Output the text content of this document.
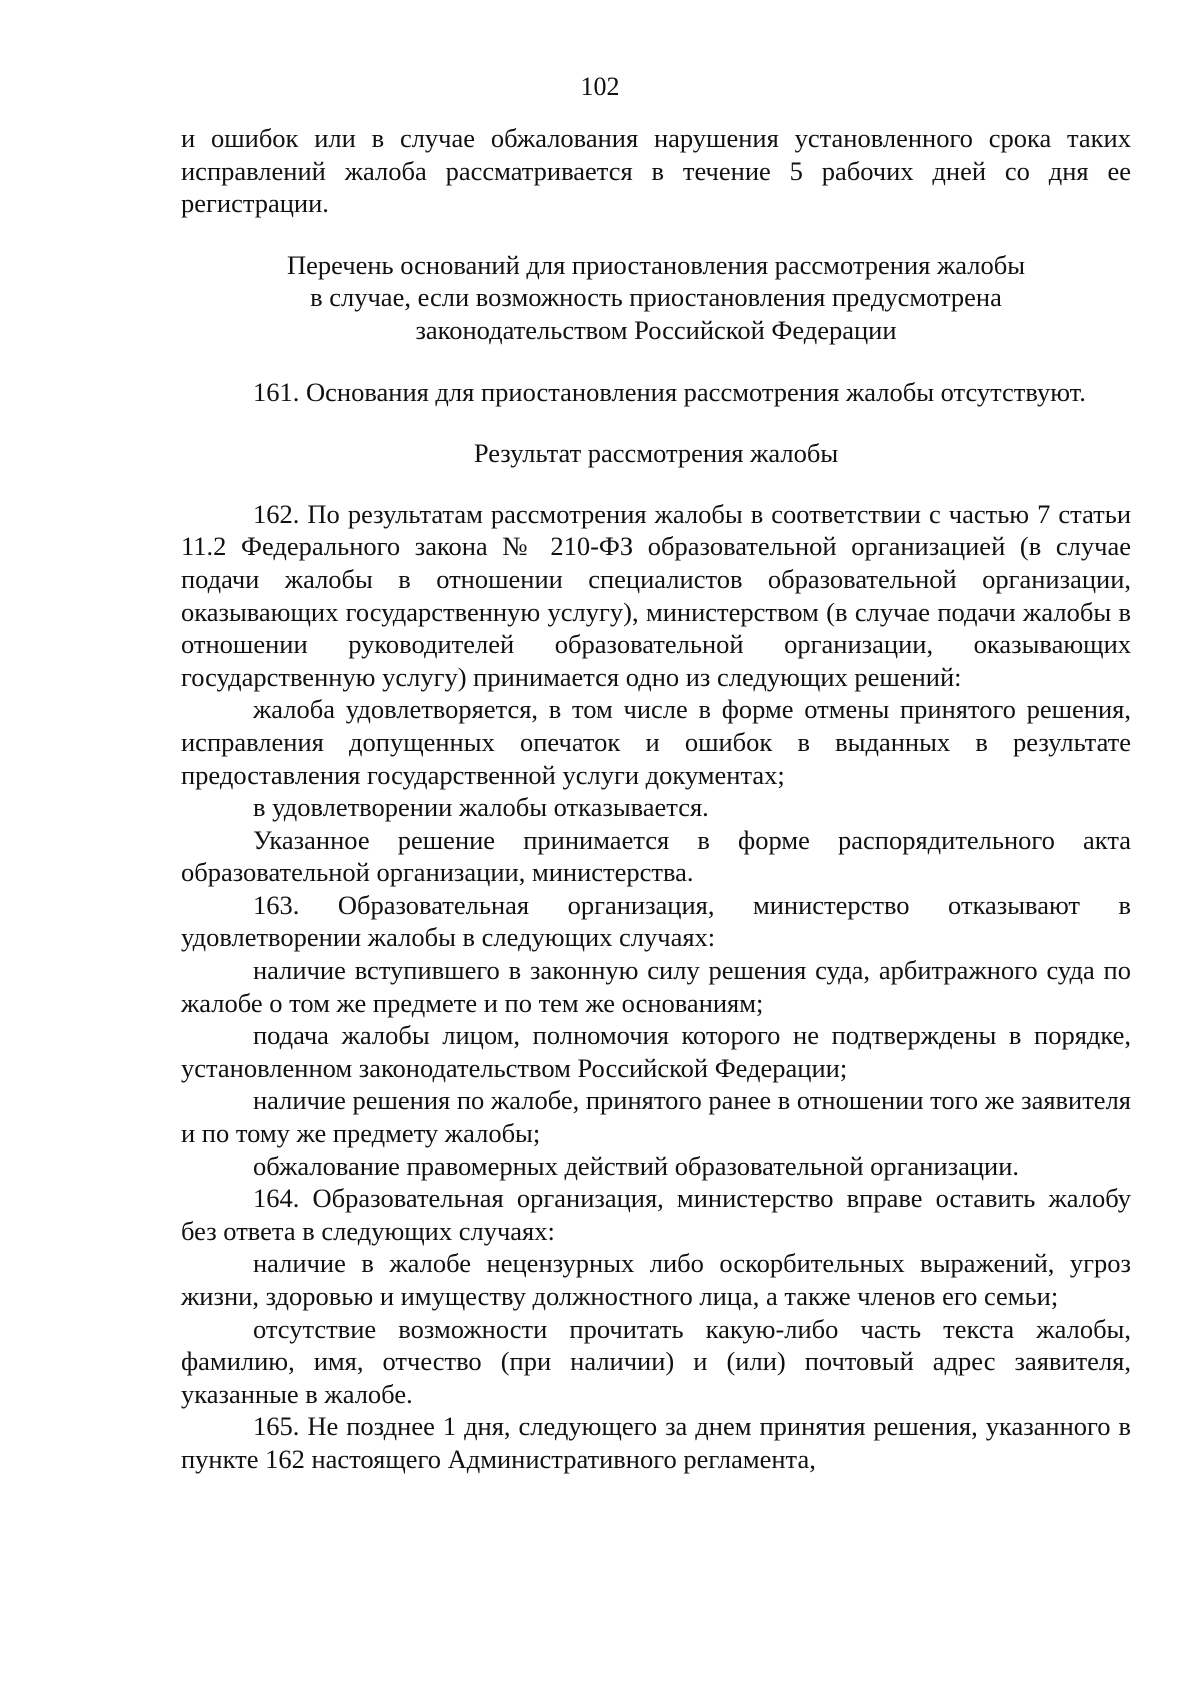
102

и ошибок или в случае обжалования нарушения установленного срока таких исправлений жалоба рассматривается в течение 5 рабочих дней со дня ее регистрации.

Перечень оснований для приостановления рассмотрения жалобы

в случае, если возможность приостановления предусмотрена

законодательством Российской Федерации

161. Основания для приостановления рассмотрения жалобы отсутствуют.

Результат рассмотрения жалобы

162. По результатам рассмотрения жалобы в соответствии с частью 7 статьи 11.2 Федерального закона № 210-ФЗ образовательной организацией (в случае подачи жалобы в отношении специалистов образовательной организации, оказывающих государственную услугу), министерством (в случае подачи жалобы в отношении руководителей образовательной организации, оказывающих государственную услугу) принимается одно из следующих решений:

жалоба удовлетворяется, в том числе в форме отмены принятого решения, исправления допущенных опечаток и ошибок в выданных в результате предоставления государственной услуги документах;

в удовлетворении жалобы отказывается.

Указанное решение принимается в форме распорядительного акта образовательной организации, министерства.

163. Образовательная организация, министерство отказывают в удовлетворении жалобы в следующих случаях:

наличие вступившего в законную силу решения суда, арбитражного суда по жалобе о том же предмете и по тем же основаниям;

подача жалобы лицом, полномочия которого не подтверждены в порядке, установленном законодательством Российской Федерации;

наличие решения по жалобе, принятого ранее в отношении того же заявителя и по тому же предмету жалобы;

обжалование правомерных действий образовательной организации.

164. Образовательная организация, министерство вправе оставить жалобу без ответа в следующих случаях:

наличие в жалобе нецензурных либо оскорбительных выражений, угроз жизни, здоровью и имуществу должностного лица, а также членов его семьи;

отсутствие возможности прочитать какую-либо часть текста жалобы, фамилию, имя, отчество (при наличии) и (или) почтовый адрес заявителя, указанные в жалобе.

165. Не позднее 1 дня, следующего за днем принятия решения, указанного в пункте 162 настоящего Административного регламента,
